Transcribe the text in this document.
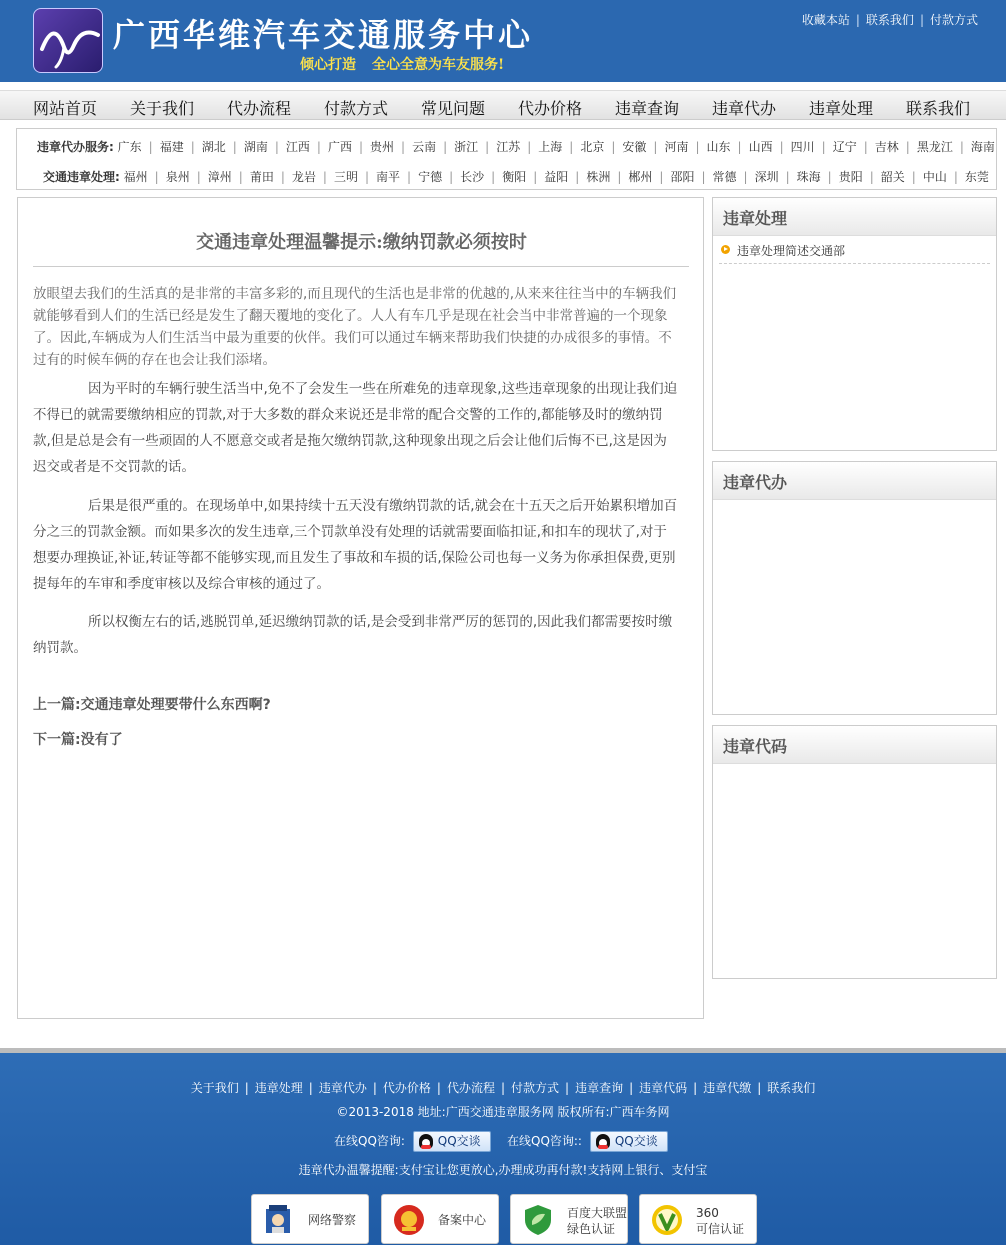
广西华维汽车交通服务中心
倾心打造 全心全意为车友服务!
收藏本站 | 联系我们 | 付款方式
网站首页 关于我们 代办流程 付款方式 常见问题 代办价格 违章查询 违章代办 违章处理 联系我们
违章代办服务: 广东 | 福建 | 湖北 | 湖南 | 江西 | 广西 | 贵州 | 云南 | 浙江 | 江苏 | 上海 | 北京 | 安徽 | 河南 | 山东 | 山西 | 四川 | 辽宁 | 吉林 | 黑龙江 | 海南
交通违章处理: 福州 | 泉州 | 漳州 | 莆田 | 龙岩 | 三明 | 南平 | 宁德 | 长沙 | 衡阳 | 益阳 | 株洲 | 郴州 | 邵阳 | 常德 | 深圳 | 珠海 | 贵阳 | 韶关 | 中山 | 东莞
交通违章处理温馨提示:缴纳罚款必须按时
放眼望去我们的生活真的是非常的丰富多彩的,而且现代的生活也是非常的优越的,从来来往往当中的车辆我们就能够看到人们的生活已经是发生了翻天覆地的变化了。人人有车几乎是现在社会当中非常普遍的一个现象了。因此,车辆成为人们生活当中最为重要的伙伴。我们可以通过车辆来帮助我们快捷的办成很多的事情。不过有的时候车俩的存在也会让我们添堵。
因为平时的车辆行驶生活当中,免不了会发生一些在所难免的违章现象,这些违章现象的出现让我们迫不得已的就需要缴纳相应的罚款,对于大多数的群众来说还是非常的配合交警的工作的,都能够及时的缴纳罚款,但是总是会有一些顽固的人不愿意交或者是拖欠缴纳罚款,这种现象出现之后会让他们后悔不已,这是因为迟交或者是不交罚款的话。
后果是很严重的。在现场单中,如果持续十五天没有缴纳罚款的话,就会在十五天之后开始累积增加百分之三的罚款金额。而如果多次的发生违章,三个罚款单没有处理的话就需要面临扣证,和扣车的现状了,对于想要办理换证,补证,转证等都不能够实现,而且发生了事故和车损的话,保险公司也每一义务为你承担保费,更别提每年的车审和季度审核以及综合审核的通过了。
所以权衡左右的话,逃脱罚单,延迟缴纳罚款的话,是会受到非常严厉的惩罚的,因此我们都需要按时缴纳罚款。
上一篇:交通违章处理要带什么东西啊?
下一篇:没有了
违章处理
违章处理简述交通部
违章代办
违章代码
关于我们 | 违章处理 | 违章代办 | 代办价格 | 代办流程 | 付款方式 | 违章查询 | 违章代码 | 违章代缴 | 联系我们
©2013-2018 地址:广西交通违章服务网 版权所有:广西车务网
在线QQ咨询:	QQ交谈	在线QQ咨询::	QQ交谈
违章代办温馨提醒:支付宝让您更放心,办理成功再付款!支持网上银行、支付宝
网络警察	备案中心	百度大联盟
绿色认证
360
可信认证
